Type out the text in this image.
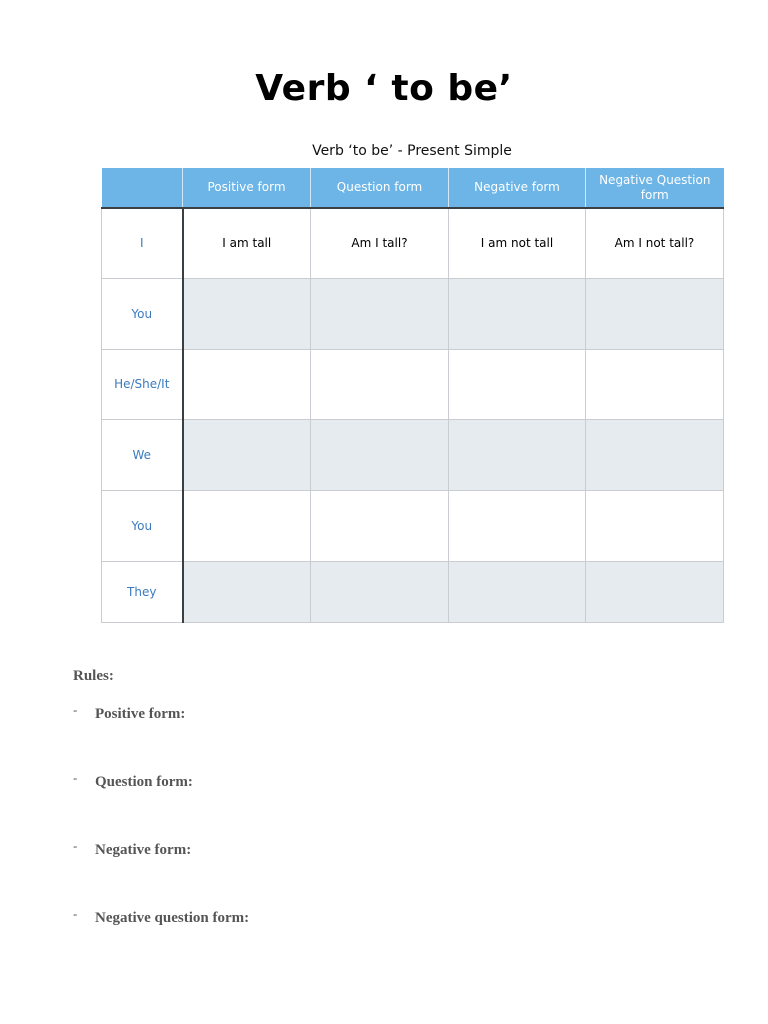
Verb ‘ to be’
Verb ‘to be’ - Present Simple
	Positive form	Question form	Negative form	Negative Question form
I	I am tall	Am I tall?	I am not tall	Am I not tall?
You				
He/She/It				
We				
You				
They				
Rules:
- Positive form:
- Question form:
- Negative form:
- Negative question form:
